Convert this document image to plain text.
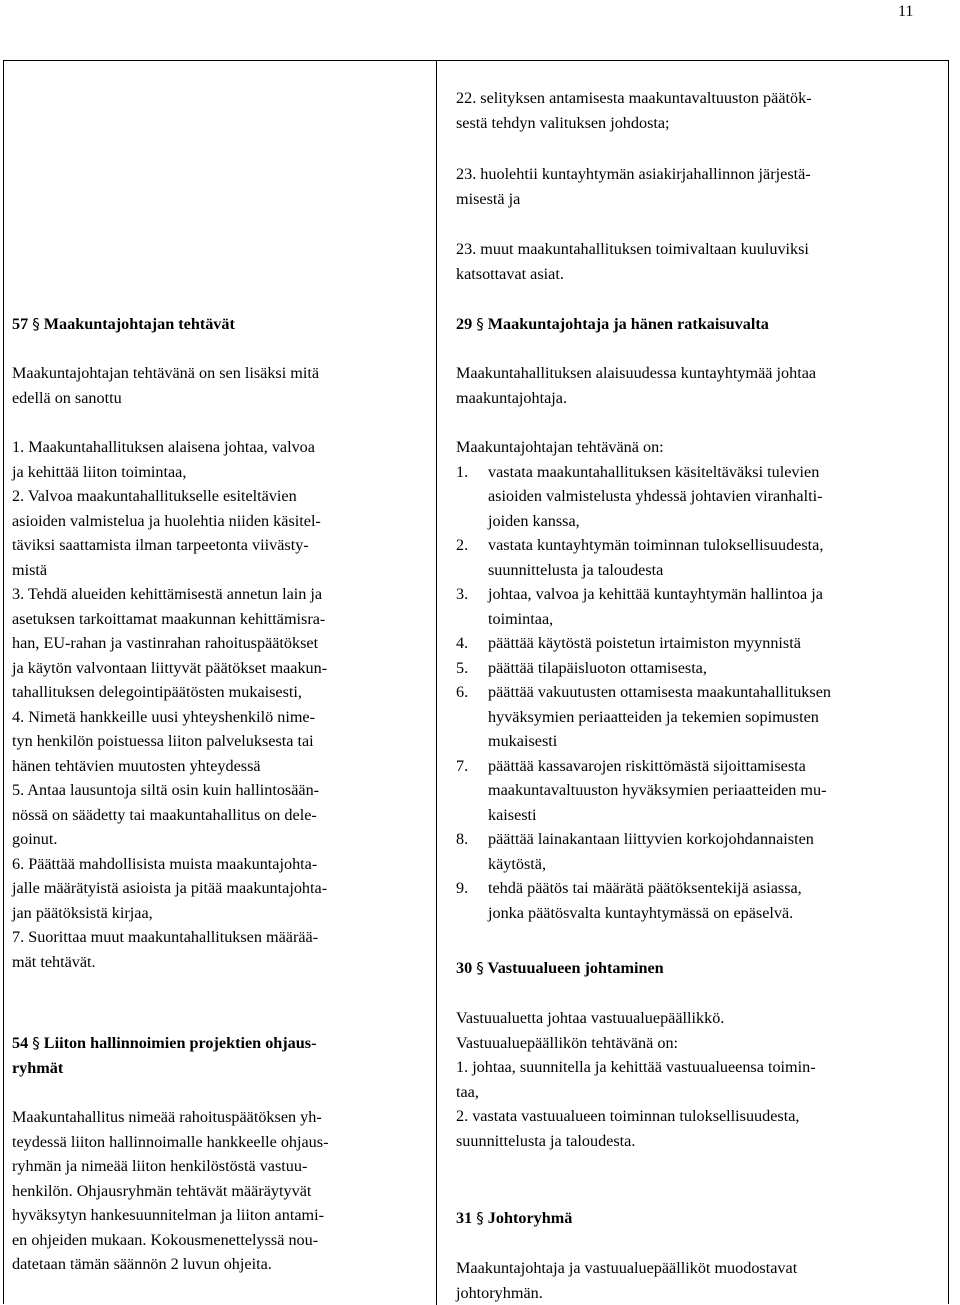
11
22. selityksen antamisesta maakuntavaltuuston päätök-
sestä tehdyn valituksen johdosta;
23. huolehtii kuntayhtymän asiakirjahallinnon järjestä-
misestä ja
23. muut maakuntahallituksen toimivaltaan kuuluviksi
katsottavat asiat.
57 § Maakuntajohtajan tehtävät
Maakuntajohtajan tehtävänä on sen lisäksi mitä
edellä on sanottu
1. Maakuntahallituksen alaisena johtaa, valvoa
ja kehittää liiton toimintaa,
2. Valvoa maakuntahallitukselle esiteltävien
asioiden valmistelua ja huolehtia niiden käsitel-
täviksi saattamista ilman tarpeetonta viivästy-
mistä
3. Tehdä alueiden kehittämisestä annetun lain ja
asetuksen tarkoittamat maakunnan kehittämisra-
han, EU-rahan ja vastinrahan rahoituspäätökset
ja käytön valvontaan liittyvät päätökset maakun-
tahallituksen delegointipäätösten mukaisesti,
4. Nimetä hankkeille uusi yhteyshenkilö nime-
tyn henkilön poistuessa liiton palveluksesta tai
hänen tehtävien muutosten yhteydessä
5. Antaa lausuntoja siltä osin kuin hallintosään-
nössä on säädetty tai maakuntahallitus on dele-
goinut.
6. Päättää mahdollisista muista maakuntajohta-
jalle määrätyistä asioista ja pitää maakuntajohta-
jan päätöksistä kirjaa,
7. Suorittaa muut maakuntahallituksen määrää-
mät tehtävät.
54 § Liiton hallinnoimien projektien ohjaus-
ryhmät
Maakuntahallitus nimeää rahoituspäätöksen yh-
teydessä liiton hallinnoimalle hankkeelle ohjaus-
ryhmän ja nimeää liiton henkilöstöstä vastuu-
henkilön. Ohjausryhmän tehtävät määräytyvät
hyväksytyn hankesuunnitelman ja liiton antami-
en ohjeiden mukaan. Kokousmenettelyssä nou-
datetaan tämän säännön 2 luvun ohjeita.
29 § Maakuntajohtaja ja hänen ratkaisuvalta
Maakuntahallituksen alaisuudessa kuntayhtymää johtaa
maakuntajohtaja.
Maakuntajohtajan tehtävänä on:
1. vastata maakuntahallituksen käsiteltäväksi tulevien
asioiden valmistelusta yhdessä johtavien viranhalti-
joiden kanssa,
2. vastata kuntayhtymän toiminnan tuloksellisuudesta,
suunnittelusta ja taloudesta
3. johtaa, valvoa ja kehittää kuntayhtymän hallintoa ja
toimintaa,
4. päättää käytöstä poistetun irtaimiston myynnistä
5. päättää tilapäisluoton ottamisesta,
6. päättää vakuutusten ottamisesta maakuntahallituksen
hyväksymien periaatteiden ja tekemien sopimusten
mukaisesti
7. päättää kassavarojen riskittömästä sijoittamisesta
maakuntavaltuuston hyväksymien periaatteiden mu-
kaisesti
8. päättää lainakantaan liittyvien korkojohdannaisten
käytöstä,
9. tehdä päätös tai määrätä päätöksentekijä asiassa,
jonka päätösvalta kuntayhtymässä on epäselvä.
30 § Vastuualueen johtaminen
Vastuualuetta johtaa vastuualuepäällikkö.
Vastuualuepäällikön tehtävänä on:
1. johtaa, suunnitella ja kehittää vastuualueensa toimin-
taa,
2. vastata vastuualueen toiminnan tuloksellisuudesta,
suunnittelusta ja taloudesta.
31 § Johtoryhmä
Maakuntajohtaja ja vastuualuepäälliköt muodostavat
johtoryhmän.
